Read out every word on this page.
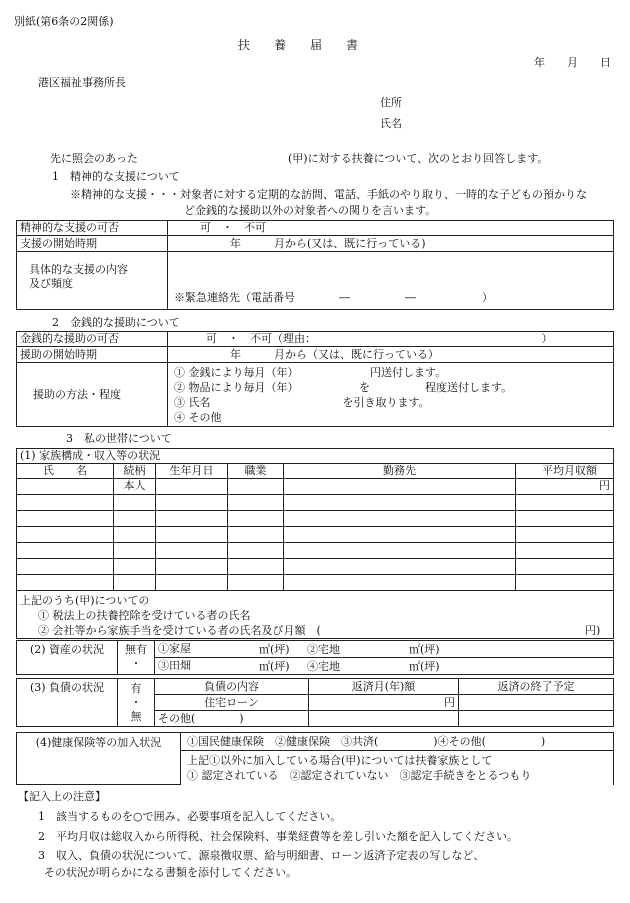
別紙(第6条の2関係)
扶　　養　　届　　書
年　　月　　日
港区福祉事務所長
住所
氏名
先に照会のあった	(甲)に対する扶養について、次のとおり回答します。
1　精神的な支援について
※精神的な支援・・・対象者に対する定期的な訪問、電話、手紙のやり取り、一時的な子どもの預かりな
ど金銭的な援助以外の対象者への関りを言います。
精神的な支援の可否	可　・　不可
支援の開始時期	年　　　月から(又は、既に行っている)

具体的な支援の内容
及び頻度	※緊急連絡先（電話番号　　　　―　　　　　―　　　　　　）
2　金銭的な援助について
金銭的な援助の可否	可　・　不可（理由：　　　　　　　　　　　　　　　　　　　　　）
援助の開始時期	年　　　月から（又は、既に行っている）
援助の方法・程度	① 金銭により毎月（年）　　　　　　　円送付します。
② 物品により毎月（年）　　　　　　を　　　　　程度送付します。
③ 氏名　　　　　　　　　　　　を引き取ります。
④ その他
3　私の世帯について
(1) 家族構成・収入等の状況					
氏　　名	続柄	生年月日	職業	勤務先	平均月収額
	本人				円

上記のうち(甲)についての
① 税法上の扶養控除を受けている者の氏名
② 会社等から家族手当を受けている者の氏名及び月額　( 円)					
(2) 資産の状況	無有
・
	①家屋	㎡(坪) ②宅地	㎡(坪)

③田畑	㎡(坪) ④宅地	㎡(坪)
(3) 負債の状況	有
・
無	負債の内容	返済月(年)額	返済の終了予定
		住宅ローン	円	
		その他(　　　　)		
(4)健康保険等の加入状況	①国民健康保険　②健康保険　③共済(　　　　　)④その他(　　　　　)

上記①以外に加入している場合(甲)については扶養家族として
① 認定されている　②認定されていない　③認定手続きをとるつもり
【記入上の注意】
1　該当するものを○で囲み、必要事項を記入してください。
2　平均月収は総収入から所得税、社会保険料、事業経費等を差し引いた額を記入してください。
3　収入、負債の状況について、源泉徴収票、給与明細書、ローン返済予定表の写しなど、
その状況が明らかになる書類を添付してください。
